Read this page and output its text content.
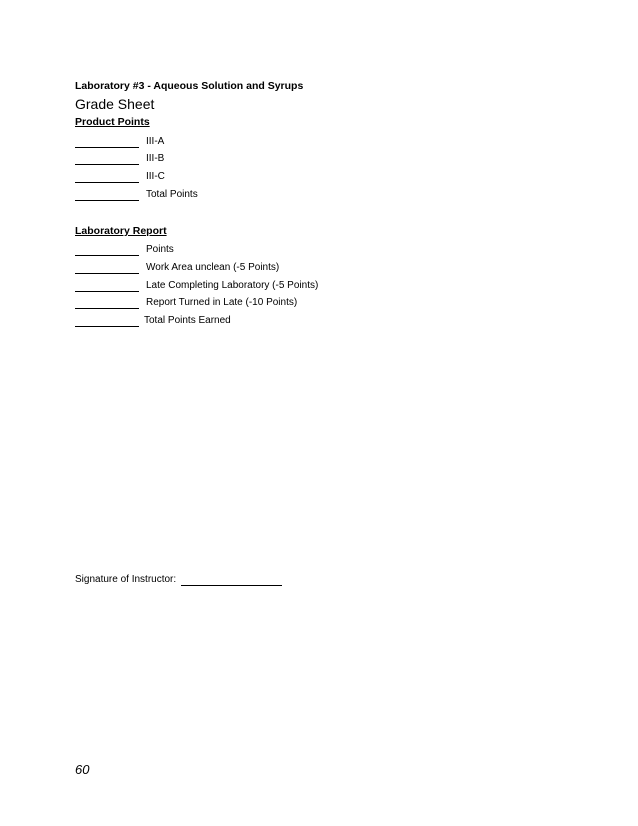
Laboratory #3 - Aqueous Solution and Syrups
Grade Sheet
Product Points
III-A
III-B
III-C
Total Points
Laboratory Report
Points
Work Area unclean (-5 Points)
Late Completing Laboratory (-5 Points)
Report Turned in Late (-10 Points)
Total Points Earned
Signature of Instructor:
60
